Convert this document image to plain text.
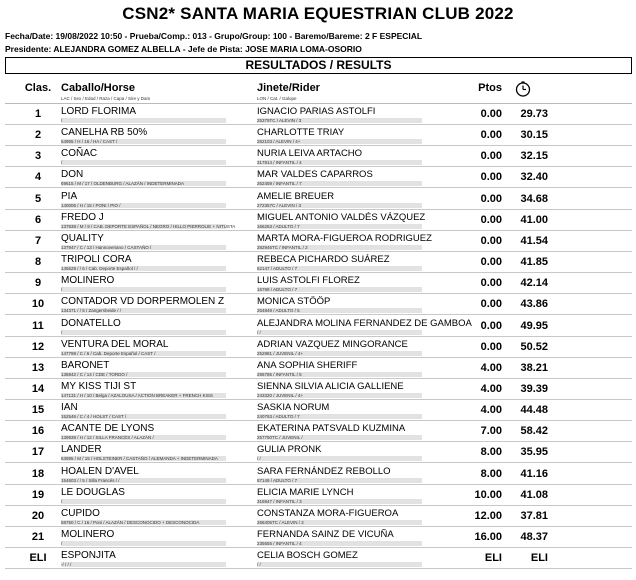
CSN2* SANTA MARIA EQUESTRIAN CLUB 2022
Fecha/Date: 19/08/2022 10:50 - Prueba/Comp.: 013 - Grupo/Group: 100 - Baremo/Bareme: 2 F ESPECIAL
Presidente: ALEJANDRA GOMEZ ALBELLA - Jefe de Pista: JOSE MARIA LOMA-OSORIO
RESULTADOS / RESULTS
Clas. Caballo/Horse
LAC / Sex / Edad / Raza / Capa / Sire y Dam
Jinete/Rider
LON / Cat. / Galope
Ptos
1	LORD FLORIMA
/
IGNACIO PARIAS ASTOLFI
25379TC / ALEVIN / 3
0.00	29.73
2	CANELHA RB 50%
54955 / H / 16 / HA / CAST /
CHARLOTTE TRIAY
262103 / ALEVIN / 4+
0.00	30.15
3	COÑAC
/
NURIA LEIVA ARTACHO
317814 / INFANTIL / 4
0.00	32.15
4	DON
69615 / M / 17 / OLDENBURG / ALAZÁN / INDETERMINADA
MAR VALDES CAPARROS
262459 / INFANTIL / 7
0.00	32.40
5	PIA
140006 / H / 15 / PONI / PIO /
AMELIE BREUER
272357C / ALEVIN / 3
0.00	34.68
6	FREDO J
137938 / M / 9 / CAB. DEPORTE ESPAÑOL / NEGRO / HILLO PIERROLIE + NITUSTA
MIGUEL ANTONIO VALDÉS VÁZQUEZ
166263 / ADULTO / 7
0.00	41.00
7	QUALITY
137947 / C / 13 / Hannoveriano / CASTAÑO /
MARTA MORA-FIGUEROA RODRIGUEZ
282946TC / INFANTIL / 2
0.00	41.54
8	TRIPOLI CORA
145629 / / 6 / Cab. Deporte Español / /
REBECA PICHARDO SUÁREZ
52147 / ADULTO / 7
0.00	41.85
9	MOLINERO
/
LUIS ASTOLFI FLOREZ
16799 / ADULTO / 7
0.00	42.14
10	CONTADOR VD DORPERMOLEN Z
134371 / / 5 / Zangersheide / /
MONICA STÖÖP
264849 / ADULTO / 5
0.00	43.86
11	DONATELLO
/
ALEJANDRA MOLINA FERNANDEZ DE GAMBOA
/ /
0.00	49.95
12	VENTURA DEL MORAL
147798 / C / 6 / Cab. Deporte Español / CAST /
ADRIAN VAZQUEZ MINGORANCE
252981 / JUVENIL / 4+
0.00	50.52
13	BARONET
136842 / C / 14 / CDE / TORDO /
ANA SOPHIA SHERIFF
296786 / INFANTIL / 5
4.00	38.21
14	MY KISS TIJI ST
147131 / H / 10 / Belga / AZALOUSA / ACTION BREAKER + FRENCH KISS
SIENNA SILVIA ALICIA GALLIENE
243320 / JUVENIL / 4+
4.00	39.39
15	IAN
152546 / C / 4 / HOLST / CAST /
SASKIA NORUM
240763 / ADULTO / 7
4.00	44.48
16	ACANTE DE LYONS
139939 / H / 12 / SILLA FRANCÉS / ALAZÁN /
EKATERINA PATSVALD KUZMINA
257750TC / JUVENIL /
7.00	58.42
17	LANDER
63995 / M / 15 / HOLSTEINER / CASTAÑO / ALEMANDA + INDETERMINADA
GULIA PRONK
/ /
8.00	35.95
18	HOALEN D'AVEL
154603 / / 5 / Silla Francés / /
SARA FERNÁNDEZ REBOLLO
87149 / ADULTO / 7
8.00	41.16
19	LE DOUGLAS
/
ELICIA MARIE LYNCH
315947 / INFANTIL / 3
10.00	41.08
20	CUPIDO
58750 / C / 16 / Poni / ALAZÁN / DESCONOCIDO + DESCONOCIDA
CONSTANZA MORA-FIGUEROA
268405TC / ALEVIN / 2
12.00	37.81
21	MOLINERO
/
FERNANDA SAINZ DE VICUÑA
235655 / INFANTIL / 4
16.00	48.37
ELI	ESPONJITA
-/ / / /
CELIA BOSCH GOMEZ
/ /
ELI	ELI
